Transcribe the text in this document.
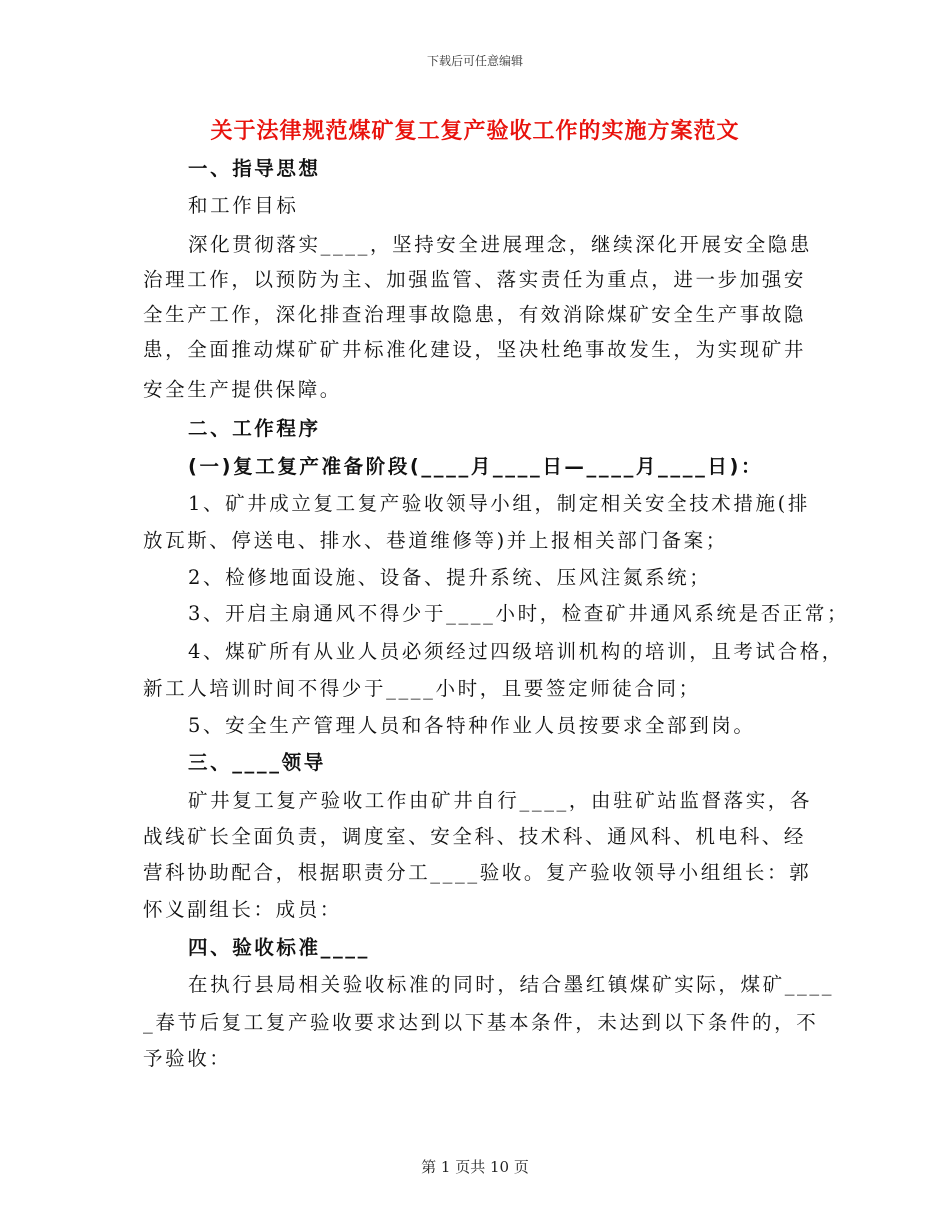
下载后可任意编辑
关于法律规范煤矿复工复产验收工作的实施方案范文
一、指导思想
和工作目标
深化贯彻落实____，坚持安全进展理念，继续深化开展安全隐患
治理工作，以预防为主、加强监管、落实责任为重点，进一步加强安
全生产工作，深化排查治理事故隐患，有效消除煤矿安全生产事故隐
患，全面推动煤矿矿井标准化建设，坚决杜绝事故发生，为实现矿井
安全生产提供保障。
二、工作程序
(一)复工复产准备阶段(____月____日—____月____日)：
1、矿井成立复工复产验收领导小组，制定相关安全技术措施(排
放瓦斯、停送电、排水、巷道维修等)并上报相关部门备案；
2、检修地面设施、设备、提升系统、压风注氮系统；
3、开启主扇通风不得少于____小时，检查矿井通风系统是否正常；
4、煤矿所有从业人员必须经过四级培训机构的培训，且考试合格，
新工人培训时间不得少于____小时，且要签定师徒合同；
5、安全生产管理人员和各特种作业人员按要求全部到岗。
三、____领导
矿井复工复产验收工作由矿井自行____，由驻矿站监督落实，各
战线矿长全面负责，调度室、安全科、技术科、通风科、机电科、经
营科协助配合，根据职责分工____验收。复产验收领导小组组长：郭
怀义副组长：成员：
四、验收标准____
在执行县局相关验收标准的同时，结合墨红镇煤矿实际，煤矿____
_春节后复工复产验收要求达到以下基本条件，未达到以下条件的，不
予验收：
第 1 页共 10 页
